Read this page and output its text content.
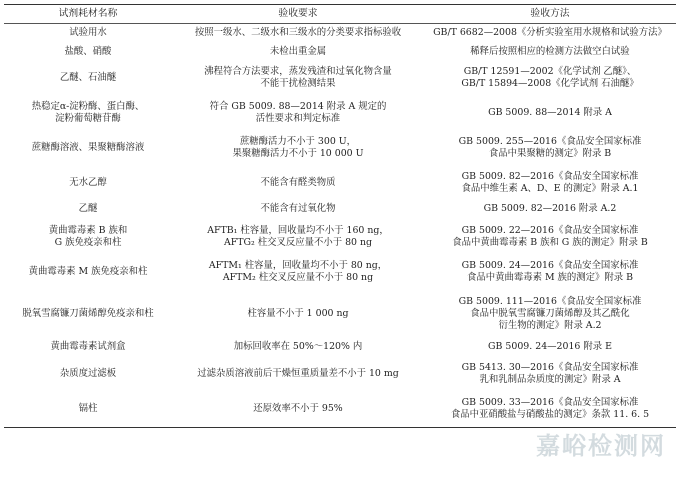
试剂耗材名称	验收要求	验收方法

试验用水	按照一级水、二级水和三级水的分类要求指标验收	GB/T 6682—2008《分析实验室用水规格和试验方法》

盐酸、硝酸	未检出重金属	稀释后按照相应的检测方法做空白试验

乙醚、石油醚	沸程符合方法要求，蒸发残渣和过氧化物含量
不能干扰检测结果	GB/T 12591—2002《化学试剂 乙醚》、
GB/T 15894—2008《化学试剂 石油醚》

热稳定α-淀粉酶、蛋白酶、
淀粉葡萄糖苷酶	符合 GB 5009. 88—2014 附录 A 规定的
活性要求和判定标准	GB 5009. 88—2014 附录 A

蔗糖酶溶液、果聚糖酶溶液	蔗糖酶活力不小于 300 U，
果聚糖酶活力不小于 10 000 U	GB 5009. 255—2016《食品安全国家标准
食品中果聚糖的测定》附录 B

无水乙醇	不能含有醛类物质	GB 5009. 82—2016《食品安全国家标准
食品中维生素 A、D、E 的测定》附录 A.1

乙醚	不能含有过氧化物	GB 5009. 82—2016 附录 A.2

黄曲霉毒素 B 族和
G 族免疫亲和柱	AFTB₁ 柱容量，回收量均不小于 160 ng，
AFTG₂ 柱交叉反应量不小于 80 ng	GB 5009. 22—2016《食品安全国家标准
食品中黄曲霉毒素 B 族和 G 族的测定》附录 B

黄曲霉毒素 M 族免疫亲和柱	AFTM₁ 柱容量，回收量均不小于 80 ng，
AFTM₂ 柱交叉反应量不小于 80 ng	GB 5009. 24—2016《食品安全国家标准
食品中黄曲霉毒素 M 族的测定》附录 B

脱氧雪腐镰刀菌烯醇免疫亲和柱	柱容量不小于 1 000 ng	GB 5009. 111—2016《食品安全国家标准
食品中脱氧雪腐镰刀菌烯醇及其乙酰化
衍生物的测定》附录 A.2

黄曲霉毒素试剂盒	加标回收率在 50%～120% 内	GB 5009. 24—2016 附录 E

杂质度过滤板	过滤杂质溶液前后干燥恒重质量差不小于 10 mg	GB 5413. 30—2016《食品安全国家标准
乳和乳制品杂质度的测定》附录 A

镉柱	还原效率不小于 95%	GB 5009. 33—2016《食品安全国家标准
食品中亚硝酸盐与硝酸盐的测定》条款 11. 6. 5
嘉峪检测网
